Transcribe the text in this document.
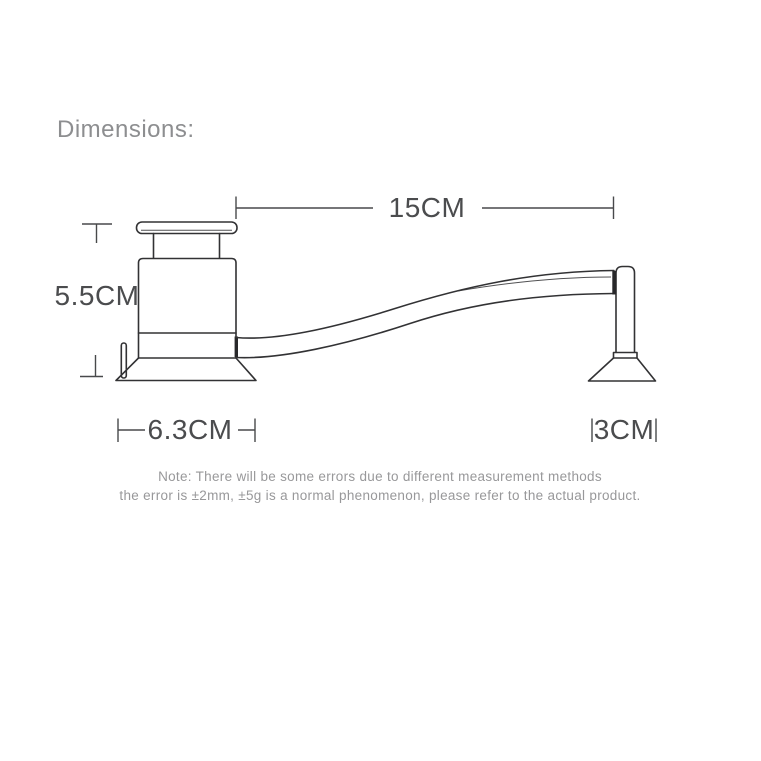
Dimensions:
15CM
5.5CM
6.3CM	3CM
Note: There will be some errors due to different measurement methods
the error is ±2mm, ±5g is a normal phenomenon, please refer to the actual product.
